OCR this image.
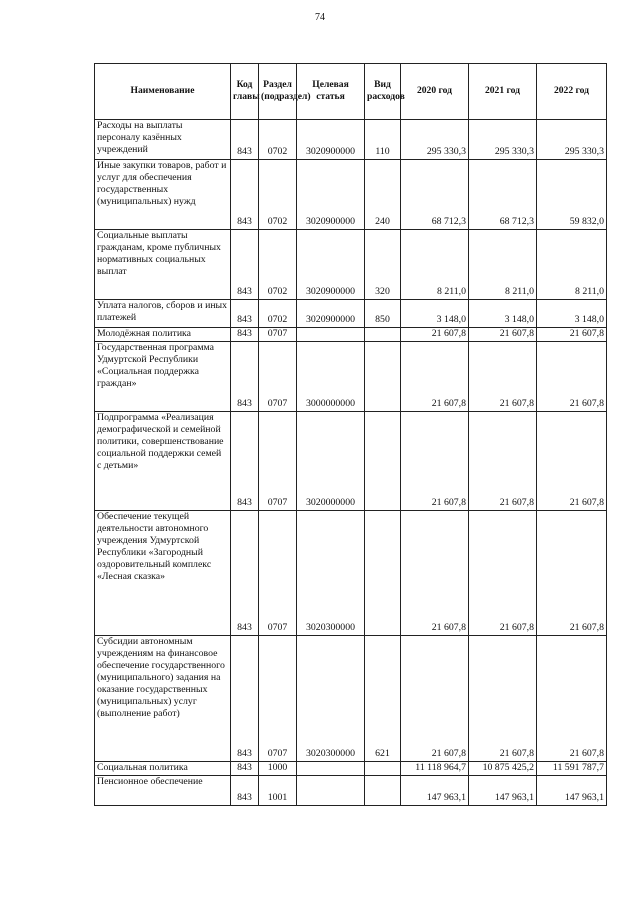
74
Наименование	Код главы	Раздел (подраздел)	Целевая статья	Вид расходов	2020 год	2021 год	2022 год
Расходы на выплаты персоналу казённых учреждений	843	0702	3020900000	110	295 330,3	295 330,3	295 330,3
Иные закупки товаров, работ и услуг для обеспечения государственных (муниципальных) нужд	843	0702	3020900000	240	68 712,3	68 712,3	59 832,0
Социальные выплаты гражданам, кроме публичных нормативных социальных выплат	843	0702	3020900000	320	8 211,0	8 211,0	8 211,0
Уплата налогов, сборов и иных платежей	843	0702	3020900000	850	3 148,0	3 148,0	3 148,0
Молодёжная политика	843	0707			21 607,8	21 607,8	21 607,8
Государственная программа Удмуртской Республики «Социальная поддержка граждан»	843	0707	3000000000		21 607,8	21 607,8	21 607,8
Подпрограмма «Реализация демографической и семейной политики, совершенствование социальной поддержки семей с детьми»	843	0707	3020000000		21 607,8	21 607,8	21 607,8
Обеспечение текущей деятельности автономного учреждения Удмуртской Республики «Загородный оздоровительный комплекс «Лесная сказка»	843	0707	3020300000		21 607,8	21 607,8	21 607,8
Субсидии автономным учреждениям на финансовое обеспечение государственного (муниципального) задания на оказание государственных (муниципальных) услуг (выполнение работ)	843	0707	3020300000	621	21 607,8	21 607,8	21 607,8
Социальная политика	843	1000			11 118 964,7	10 875 425,2	11 591 787,7
Пенсионное обеспечение	843	1001			147 963,1	147 963,1	147 963,1
